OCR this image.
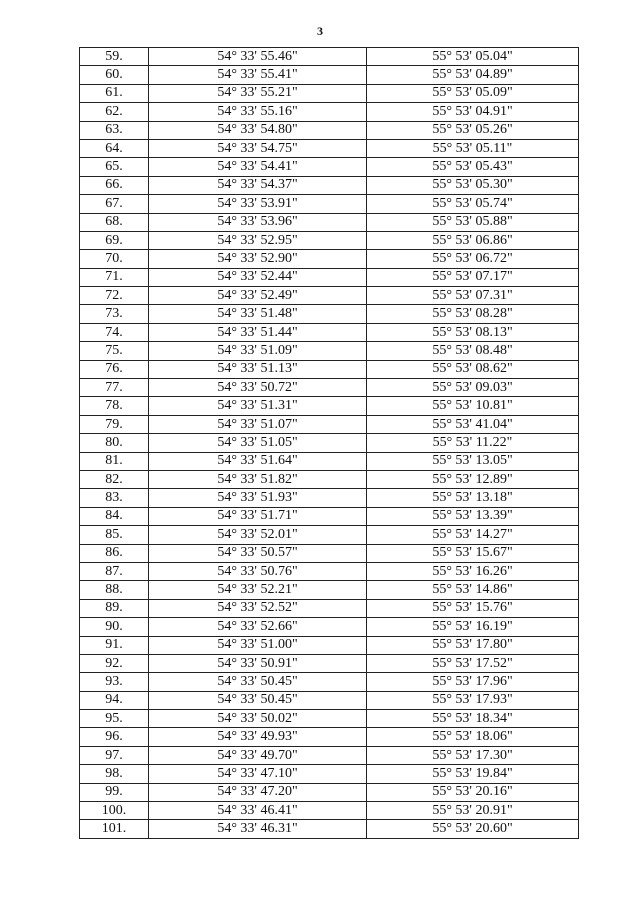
3
59.	54° 33' 55.46"	55° 53' 05.04"
60.	54° 33' 55.41"	55° 53' 04.89"
61.	54° 33' 55.21"	55° 53' 05.09"
62.	54° 33' 55.16"	55° 53' 04.91"
63.	54° 33' 54.80"	55° 53' 05.26"
64.	54° 33' 54.75"	55° 53' 05.11"
65.	54° 33' 54.41"	55° 53' 05.43"
66.	54° 33' 54.37"	55° 53' 05.30"
67.	54° 33' 53.91"	55° 53' 05.74"
68.	54° 33' 53.96"	55° 53' 05.88"
69.	54° 33' 52.95"	55° 53' 06.86"
70.	54° 33' 52.90"	55° 53' 06.72"
71.	54° 33' 52.44"	55° 53' 07.17"
72.	54° 33' 52.49"	55° 53' 07.31"
73.	54° 33' 51.48"	55° 53' 08.28"
74.	54° 33' 51.44"	55° 53' 08.13"
75.	54° 33' 51.09"	55° 53' 08.48"
76.	54° 33' 51.13"	55° 53' 08.62"
77.	54° 33' 50.72"	55° 53' 09.03"
78.	54° 33' 51.31"	55° 53' 10.81"
79.	54° 33' 51.07"	55° 53' 41.04"
80.	54° 33' 51.05"	55° 53' 11.22"
81.	54° 33' 51.64"	55° 53' 13.05"
82.	54° 33' 51.82"	55° 53' 12.89"
83.	54° 33' 51.93"	55° 53' 13.18"
84.	54° 33' 51.71"	55° 53' 13.39"
85.	54° 33' 52.01"	55° 53' 14.27"
86.	54° 33' 50.57"	55° 53' 15.67"
87.	54° 33' 50.76"	55° 53' 16.26"
88.	54° 33' 52.21"	55° 53' 14.86"
89.	54° 33' 52.52"	55° 53' 15.76"
90.	54° 33' 52.66"	55° 53' 16.19"
91.	54° 33' 51.00"	55° 53' 17.80"
92.	54° 33' 50.91"	55° 53' 17.52"
93.	54° 33' 50.45"	55° 53' 17.96"
94.	54° 33' 50.45"	55° 53' 17.93"
95.	54° 33' 50.02"	55° 53' 18.34"
96.	54° 33' 49.93"	55° 53' 18.06"
97.	54° 33' 49.70"	55° 53' 17.30"
98.	54° 33' 47.10"	55° 53' 19.84"
99.	54° 33' 47.20"	55° 53' 20.16"
100.	54° 33' 46.41"	55° 53' 20.91"
101.	54° 33' 46.31"	55° 53' 20.60"
